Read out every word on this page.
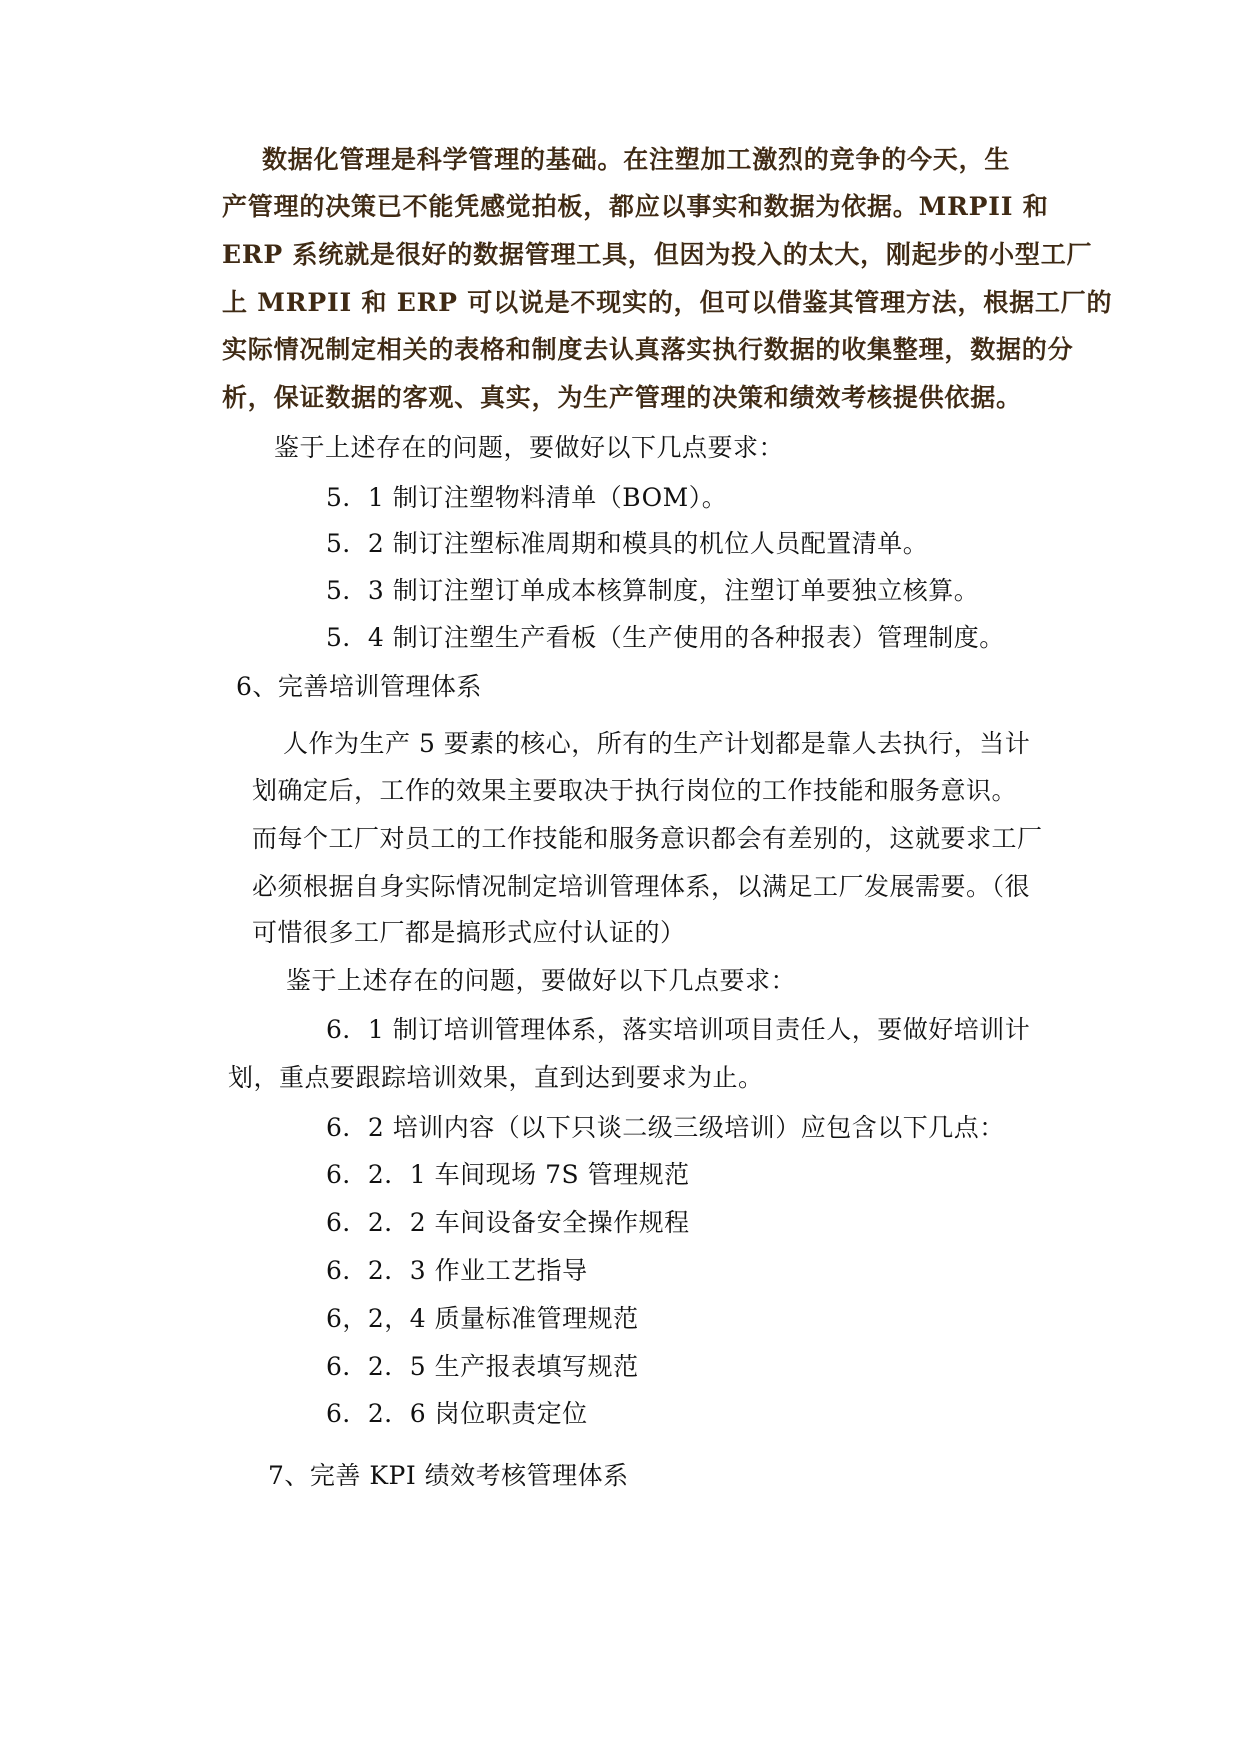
数据化管理是科学管理的基础。在注塑加工激烈的竞争的今天，生
产管理的决策已不能凭感觉拍板，都应以事实和数据为依据。MRPII 和
ERP 系统就是很好的数据管理工具，但因为投入的太大，刚起步的小型工厂
上 MRPII 和 ERP 可以说是不现实的，但可以借鉴其管理方法，根据工厂的
实际情况制定相关的表格和制度去认真落实执行数据的收集整理，数据的分
析，保证数据的客观、真实，为生产管理的决策和绩效考核提供依据。
鉴于上述存在的问题，要做好以下几点要求：
5．1 制订注塑物料清单（BOM）。
5．2 制订注塑标准周期和模具的机位人员配置清单。
5．3 制订注塑订单成本核算制度，注塑订单要独立核算。
5．4 制订注塑生产看板（生产使用的各种报表）管理制度。
6、完善培训管理体系
人作为生产 5 要素的核心，所有的生产计划都是靠人去执行，当计
划确定后，工作的效果主要取决于执行岗位的工作技能和服务意识。
而每个工厂对员工的工作技能和服务意识都会有差别的，这就要求工厂
必须根据自身实际情况制定培训管理体系，以满足工厂发展需要。（很
可惜很多工厂都是搞形式应付认证的）
鉴于上述存在的问题，要做好以下几点要求：
6．1 制订培训管理体系，落实培训项目责任人，要做好培训计
划，重点要跟踪培训效果，直到达到要求为止。
6．2 培训内容（以下只谈二级三级培训）应包含以下几点：
6．2．1 车间现场 7S 管理规范
6．2．2 车间设备安全操作规程
6．2．3 作业工艺指导
6，2，4 质量标准管理规范
6．2．5 生产报表填写规范
6．2．6 岗位职责定位
7、完善 KPI 绩效考核管理体系
